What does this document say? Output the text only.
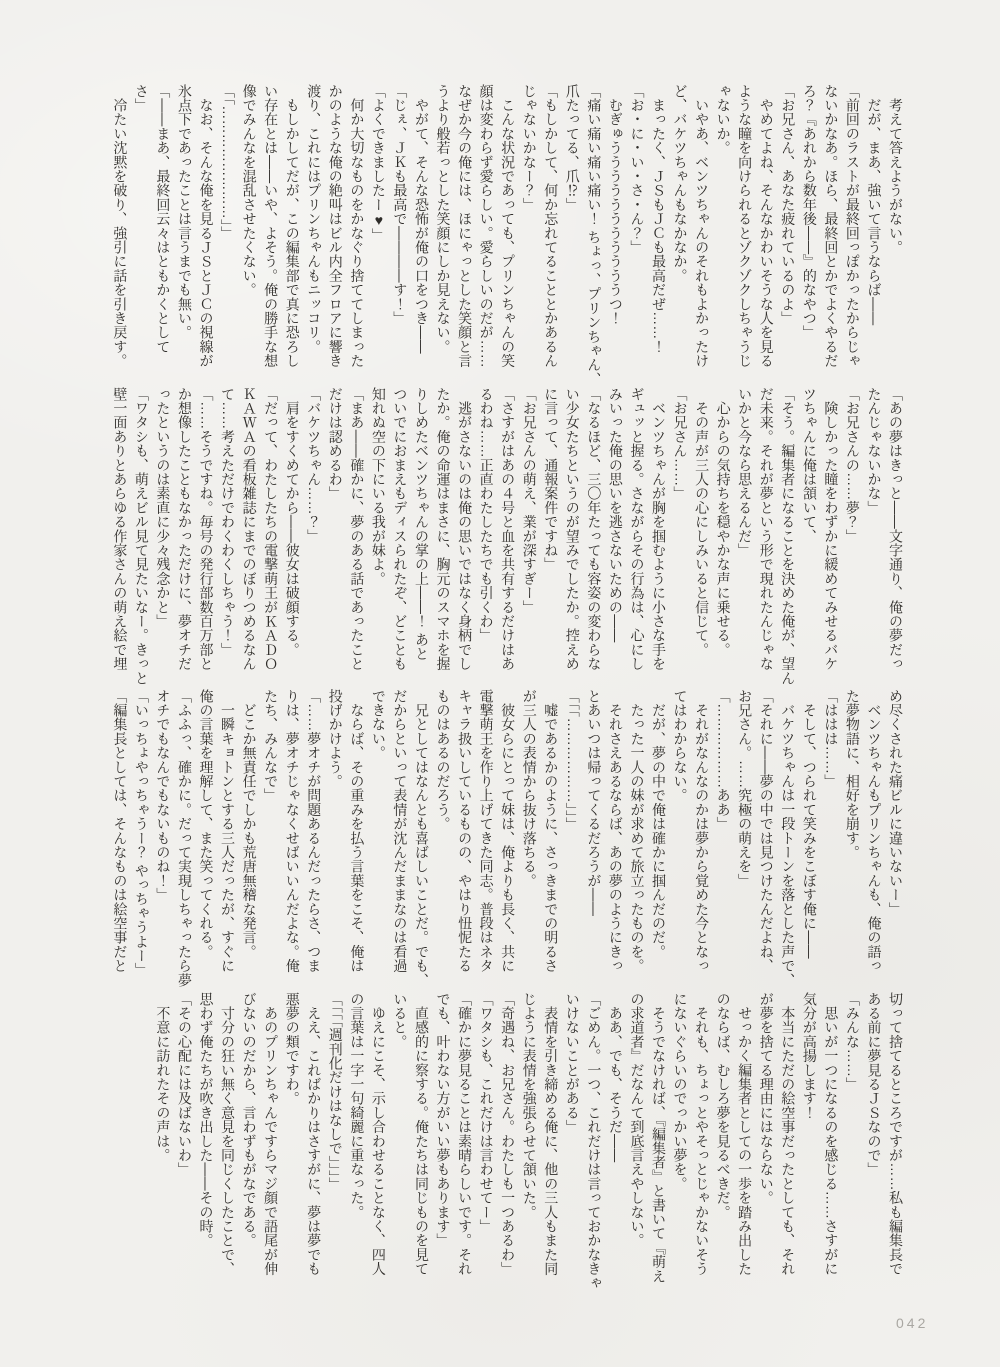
　考えて答えようがない。
　だが、まあ、強いて言うならば――
「前回のラストが最終回っぽかったからじゃ
ないかなあ。ほら、最終回とかでよくやるだ
ろ？『あれから数年後――』的なやつ」
「お兄さん、あなた疲れているのよ」
　やめてよね、そんなかわいそうな人を見る
ような瞳を向けられるとゾクゾクしちゃうじ
ゃないか。
　いやあ、ベンツちゃんのそれもよかったけ
ど、バケツちゃんもなかなか。
　まったく、ＪＳもＪＣも最高だぜ……！
「お・に・い・さ・ん？」
　むぎゅうううううううううううつ！
「痛い痛い痛い痛い！ ちょっ、プリンちゃん、
爪たってる、爪⁉」
「もしかして、何か忘れてることとかあるん
じゃないかなー？」
　こんな状況であっても、プリンちゃんの笑
顔は変わらず愛らしい。愛らしいのだが……
なぜか今の俺には、ほにゃっとした笑顔と言
うより般若っとした笑顔にしか見えない。
　やがて、そんな恐怖が俺の口をつき――
「じぇ、ＪＫも最高で――――す！」
「よくできましたー♥」
　何か大切なものをかなぐり捨ててしまった
かのような俺の絶叫はビル内全フロアに響き
渡り、これにはプリンちゃんもニッコリ。
　もしかしてだが、この編集部で真に恐ろし
い存在とは――いや、よそう。俺の勝手な想
像でみんなを混乱させたくない。
「「……………………」」
　なお、そんな俺を見るＪＳとＪＣの視線が
氷点下であったことは言うまでも無い。
「――まあ、最終回云々はともかくとして
さ」
　冷たい沈黙を破り、強引に話を引き戻す。
「あの夢はきっと――文字通り、俺の夢だっ
たんじゃないかな」
「お兄さんの……夢？」
　険しかった瞳をわずかに緩めてみせるバケ
ツちゃんに俺は頷いて、
「そう。編集者になることを決めた俺が、望ん
だ未来。それが夢という形で現れたんじゃな
いかと今なら思えるんだ」
　心からの気持ちを穏やかな声に乗せる。
　その声が三人の心にしみいると信じて。
「お兄さん……」
　ベンツちゃんが胸を掴むように小さな手を
ギュッと握る。さながらその行為は、心にし
みいった俺の思いを逃さないための――
「なるほど、三〇年たっても容姿の変わらな
い少女たちというのが望みでしたか。控えめ
に言って、通報案件ですね」
「お兄さんの萌え、業が深すぎー」
「さすがはあの４号と血を共有するだけはあ
るわね……正直わたしたちでも引くわ」
　逃がさないのは俺の思いではなく身柄でし
たか。俺の命運はまさに、胸元のスマホを握
りしめたベンツちゃんの掌の上――！ あと
ついでにおまえもディスられたぞ、どことも
知れぬ空の下にいる我が妹よ。
「まあ――確かに、夢のある話であったこと
だけは認めるわ」
「バケツちゃん……？」
　肩をすくめてから――彼女は破顔する。
「だって、わたしたちの電撃萌王がＫＡＤＯ
ＫＡＷＡの看板雑誌にまでのぼりつめるなん
て……考えただけでわくわくしちゃう！」
「……そうですね。毎号の発行部数百万部と
か想像したこともなかっただけに、夢オチだ
ったというのは素直に少々残念かと」
「ワタシも、萌えビル見て見たいなー。きっと
壁一面ありとあらゆる作家さんの萌え絵で埋
め尽くされた痛ビルに違いないー」
　ベンツちゃんもプリンちゃんも、俺の語っ
た夢物語に、相好を崩す。
「ははは……」
　そして、つられて笑みをこぼす俺に――
　バケツちゃんは一段トーンを落とした声で、
「それに――夢の中では見つけたんだよね、
お兄さん。……究極の萌えを」
「………………ああ」
　それがなんなのかは夢から覚めた今となっ
てはわからない。
　だが、夢の中で俺は確かに掴んだのだ。
　たった一人の妹が求めて旅立ったものを。
　それさえあるならば、あの夢のようにきっ
とあいつは帰ってくるだろうが――
「「「………………」」」
　嘘であるかのように、さっきまでの明るさ
が三人の表情から抜け落ちる。
　彼女らにとって妹は、俺よりも長く、共に
電撃萌王を作り上げてきた同志。普段はネタ
キャラ扱いしているものの、やはり忸怩たる
ものはあるのだろう。
　兄としてはなんとも喜ばしいことだ。でも、
だからといって表情が沈んだままなのは看過
できない。
　ならば、その重みを払う言葉をこそ、俺は
投げかけよう。
「……夢オチが問題あるんだったらさ、つま
りは、夢オチじゃなくせばいいんだよな。俺
たち、みんなで」
　どこか無責任でしかも荒唐無稽な発言。
　一瞬キョトンとする三人だったが、すぐに
俺の言葉を理解して、また笑ってくれる。
「ふふっ、確かに。だって実現しちゃったら夢
オチでもなんでもないものね！」
「いっちょやっちゃうー？ やっちゃうよー」
「編集長としては、そんなものは絵空事だと
切って捨てるところですが……私も編集長で
ある前に夢見るＪＳなので」
「みんな……」
　思いが一つになるのを感じる……さすがに
気分が高揚します！
　本当にただの絵空事だったとしても、それ
が夢を捨てる理由にはならない。
　せっかく編集者としての一歩を踏み出した
のならば、むしろ夢を見るべきだ。
　それも、ちょっとやそっとじゃかないそう
にないぐらいのでっかい夢を。
　そうでなければ、『編集者』と書いて『萌え
の求道者』だなんて到底言えやしない。
　ああ、でも、そうだ――
「ごめん。一つ、これだけは言っておかなきゃ
いけないことがある」
　表情を引き締める俺に、他の三人もまた同
じように表情を強張らせて頷いた。
「奇遇ね、お兄さん。わたしも一つあるわ」
「ワタシも、これだけは言わせてー」
「確かに夢見ることは素晴らしいです。それ
でも、叶わない方がいい夢もあります」
　直感的に察する。俺たちは同じものを見て
いると。
　ゆえにこそ、示し合わせることなく、四人
の言葉は一字一句綺麗に重なった。
「「「「週刊化だけはなしで」」」」
　ええ、こればかりはさすがに、夢は夢でも
悪夢の類ですわ。
　あのプリンちゃんですらマジ顔で語尾が伸
びないのだから、言わずもがなである。
　寸分の狂い無く意見を同じくしたことで、
思わず俺たちが吹き出した――その時。
「その心配には及ばないわ」
　不意に訪れたその声は。
042
